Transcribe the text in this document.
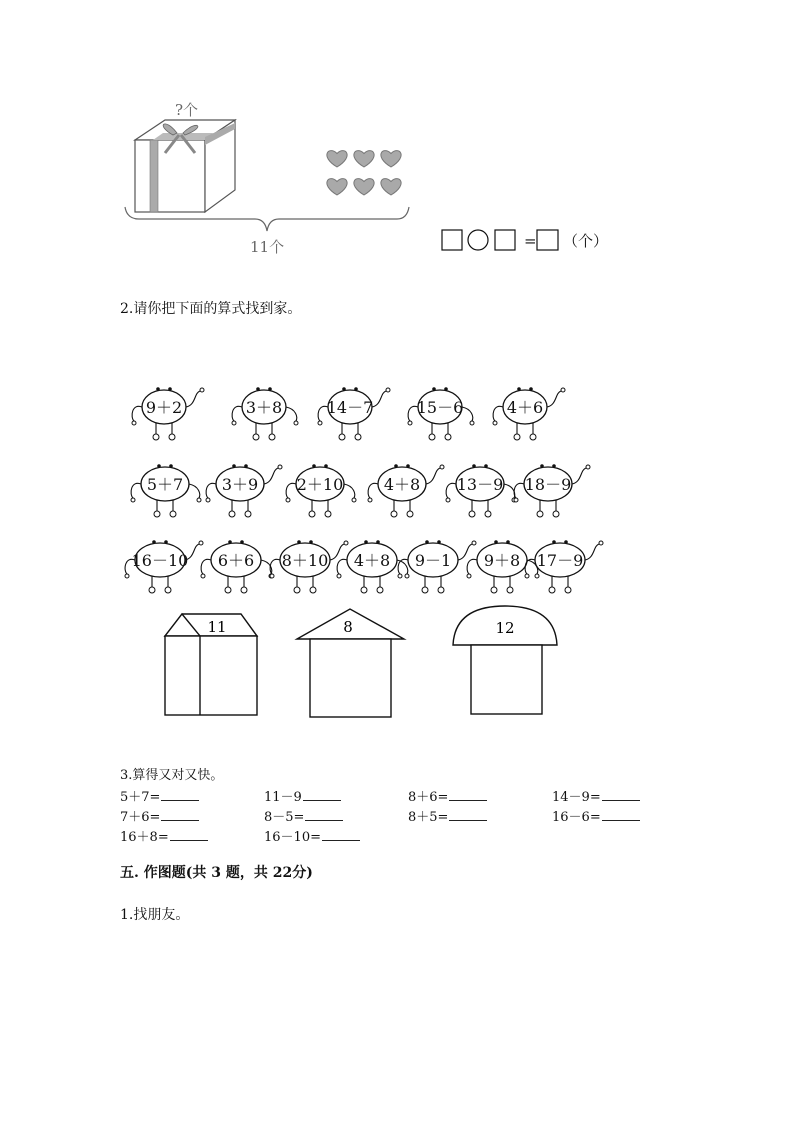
?个
11个	= （个）
2.请你把下面的算式找到家。
9＋2	3＋8	14－7	15－6	4＋6
5＋7 3＋9 2＋10	4＋8 13－9 18－9
16－10 6＋6 8＋10 4＋8 9－1 9＋8 17－9
11	8	12
3.算得又对又快。
5＋7=	11－9	8＋6=	14－9=
7＋6=	8－5=	8＋5=	16－6=
16＋8=	16－10=
五. 作图题(共 3 题，共 22分)
1.找朋友。
